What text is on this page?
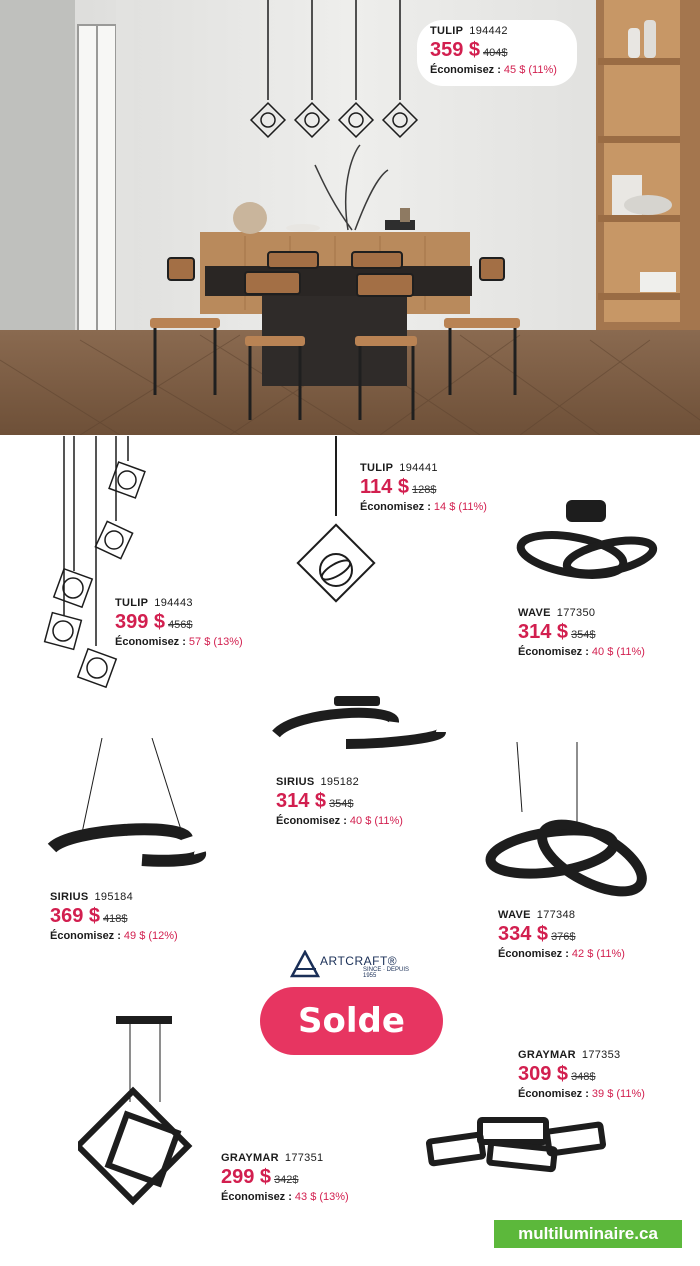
TULIP 194442
359 $ 404$
Économisez : 45 $ (11%)
TULIP 194441
114 $ 128$
Économisez : 14 $ (11%)
TULIP 194443
399 $ 456$
Économisez : 57 $ (13%)
WAVE 177350
314 $ 354$
Économisez : 40 $ (11%)
SIRIUS 195182
314 $ 354$
Économisez : 40 $ (11%)
SIRIUS 195184
369 $ 418$
Économisez : 49 $ (12%)
WAVE 177348
334 $ 376$
Économisez : 42 $ (11%)
GRAYMAR 177353
309 $ 348$
Économisez : 39 $ (11%)
GRAYMAR 177351
299 $ 342$
Économisez : 43 $ (13%)
ARTCRAFT®
SINCE · DEPUIS 1955
Solde
multiluminaire.ca
